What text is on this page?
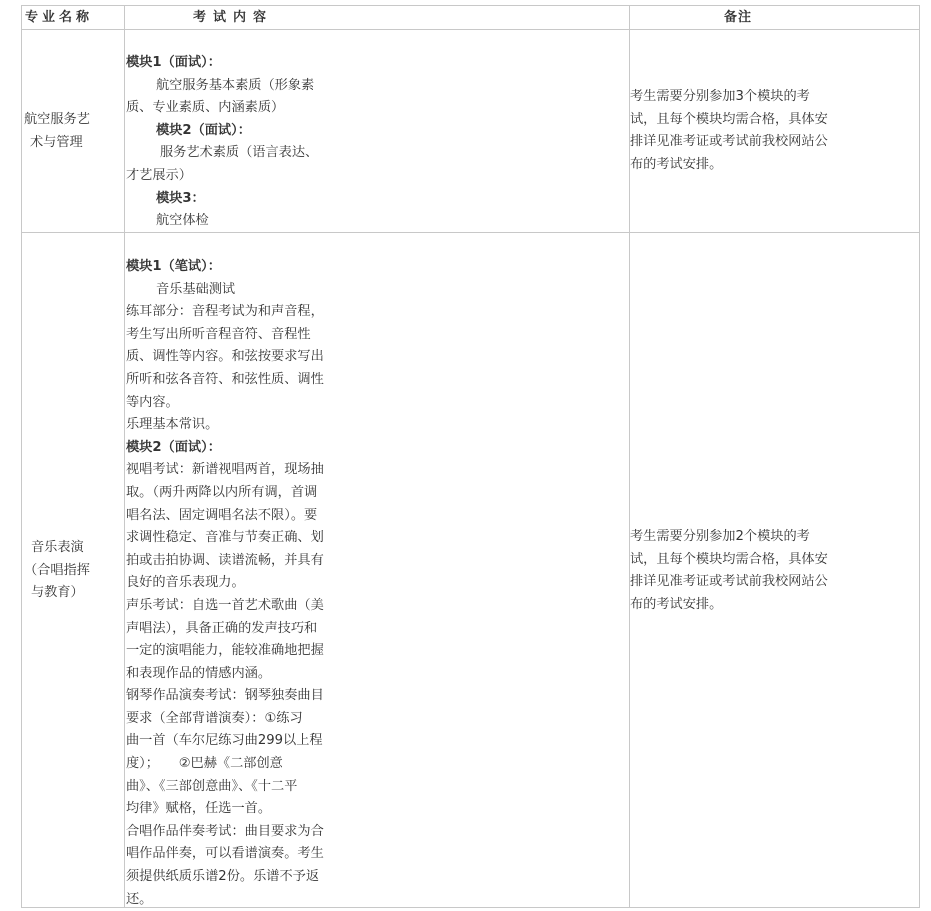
专业名称	考试内容	备注
航空服务艺
术与管理
模块1（面试）：
航空服务基本素质（形象素
质、专业素质、内涵素质）
模块2（面试）：
服务艺术素质（语言表达、
才艺展示）
模块3：
航空体检
考生需要分别参加3个模块的考
试，且每个模块均需合格，具体安
排详见准考证或考试前我校网站公
布的考试安排。
音乐表演
（合唱指挥
与教育）
模块1（笔试）：
音乐基础测试
练耳部分：音程考试为和声音程，
考生写出所听音程音符、音程性
质、调性等内容。和弦按要求写出
所听和弦各音符、和弦性质、调性
等内容。
乐理基本常识。
模块2（面试）：
视唱考试：新谱视唱两首，现场抽
取。（两升两降以内所有调，首调
唱名法、固定调唱名法不限）。要
求调性稳定、音准与节奏正确、划
拍或击拍协调、读谱流畅，并具有
良好的音乐表现力。
声乐考试：自选一首艺术歌曲（美
声唱法），具备正确的发声技巧和
一定的演唱能力，能较准确地把握
和表现作品的情感内涵。
钢琴作品演奏考试：钢琴独奏曲目
要求（全部背谱演奏）：①练习
曲一首（车尔尼练习曲299以上程
度）；　　②巴赫《二部创意
曲》、《三部创意曲》、《十二平
均律》赋格，任选一首。
合唱作品伴奏考试：曲目要求为合
唱作品伴奏，可以看谱演奏。考生
须提供纸质乐谱2份。乐谱不予返
还。
考生需要分别参加2个模块的考
试，且每个模块均需合格，具体安
排详见准考证或考试前我校网站公
布的考试安排。
